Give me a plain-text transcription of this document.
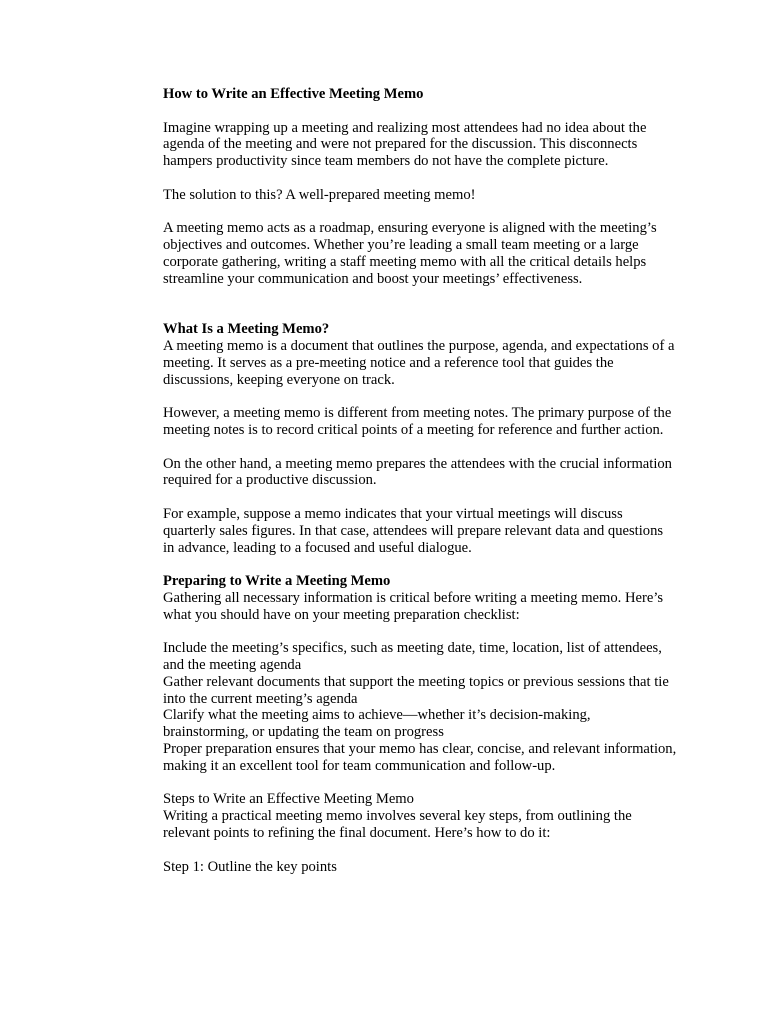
How to Write an Effective Meeting Memo

Imagine wrapping up a meeting and realizing most attendees had no idea about the agenda of the meeting and were not prepared for the discussion. This disconnects hampers productivity since team members do not have the complete picture.

The solution to this? A well-prepared meeting memo!

A meeting memo acts as a roadmap, ensuring everyone is aligned with the meeting’s objectives and outcomes. Whether you’re leading a small team meeting or a large corporate gathering, writing a staff meeting memo with all the critical details helps streamline your communication and boost your meetings’ effectiveness.

What Is a Meeting Memo?

A meeting memo is a document that outlines the purpose, agenda, and expectations of a meeting. It serves as a pre-meeting notice and a reference tool that guides the discussions, keeping everyone on track.

However, a meeting memo is different from meeting notes. The primary purpose of the meeting notes is to record critical points of a meeting for reference and further action.

On the other hand, a meeting memo prepares the attendees with the crucial information required for a productive discussion.

For example, suppose a memo indicates that your virtual meetings will discuss quarterly sales figures. In that case, attendees will prepare relevant data and questions in advance, leading to a focused and useful dialogue.

Preparing to Write a Meeting Memo

Gathering all necessary information is critical before writing a meeting memo. Here’s what you should have on your meeting preparation checklist:

Include the meeting’s specifics, such as meeting date, time, location, list of attendees, and the meeting agenda

Gather relevant documents that support the meeting topics or previous sessions that tie into the current meeting’s agenda

Clarify what the meeting aims to achieve—whether it’s decision-making, brainstorming, or updating the team on progress

Proper preparation ensures that your memo has clear, concise, and relevant information, making it an excellent tool for team communication and follow-up.

Steps to Write an Effective Meeting Memo

Writing a practical meeting memo involves several key steps, from outlining the relevant points to refining the final document. Here’s how to do it:

Step 1: Outline the key points
